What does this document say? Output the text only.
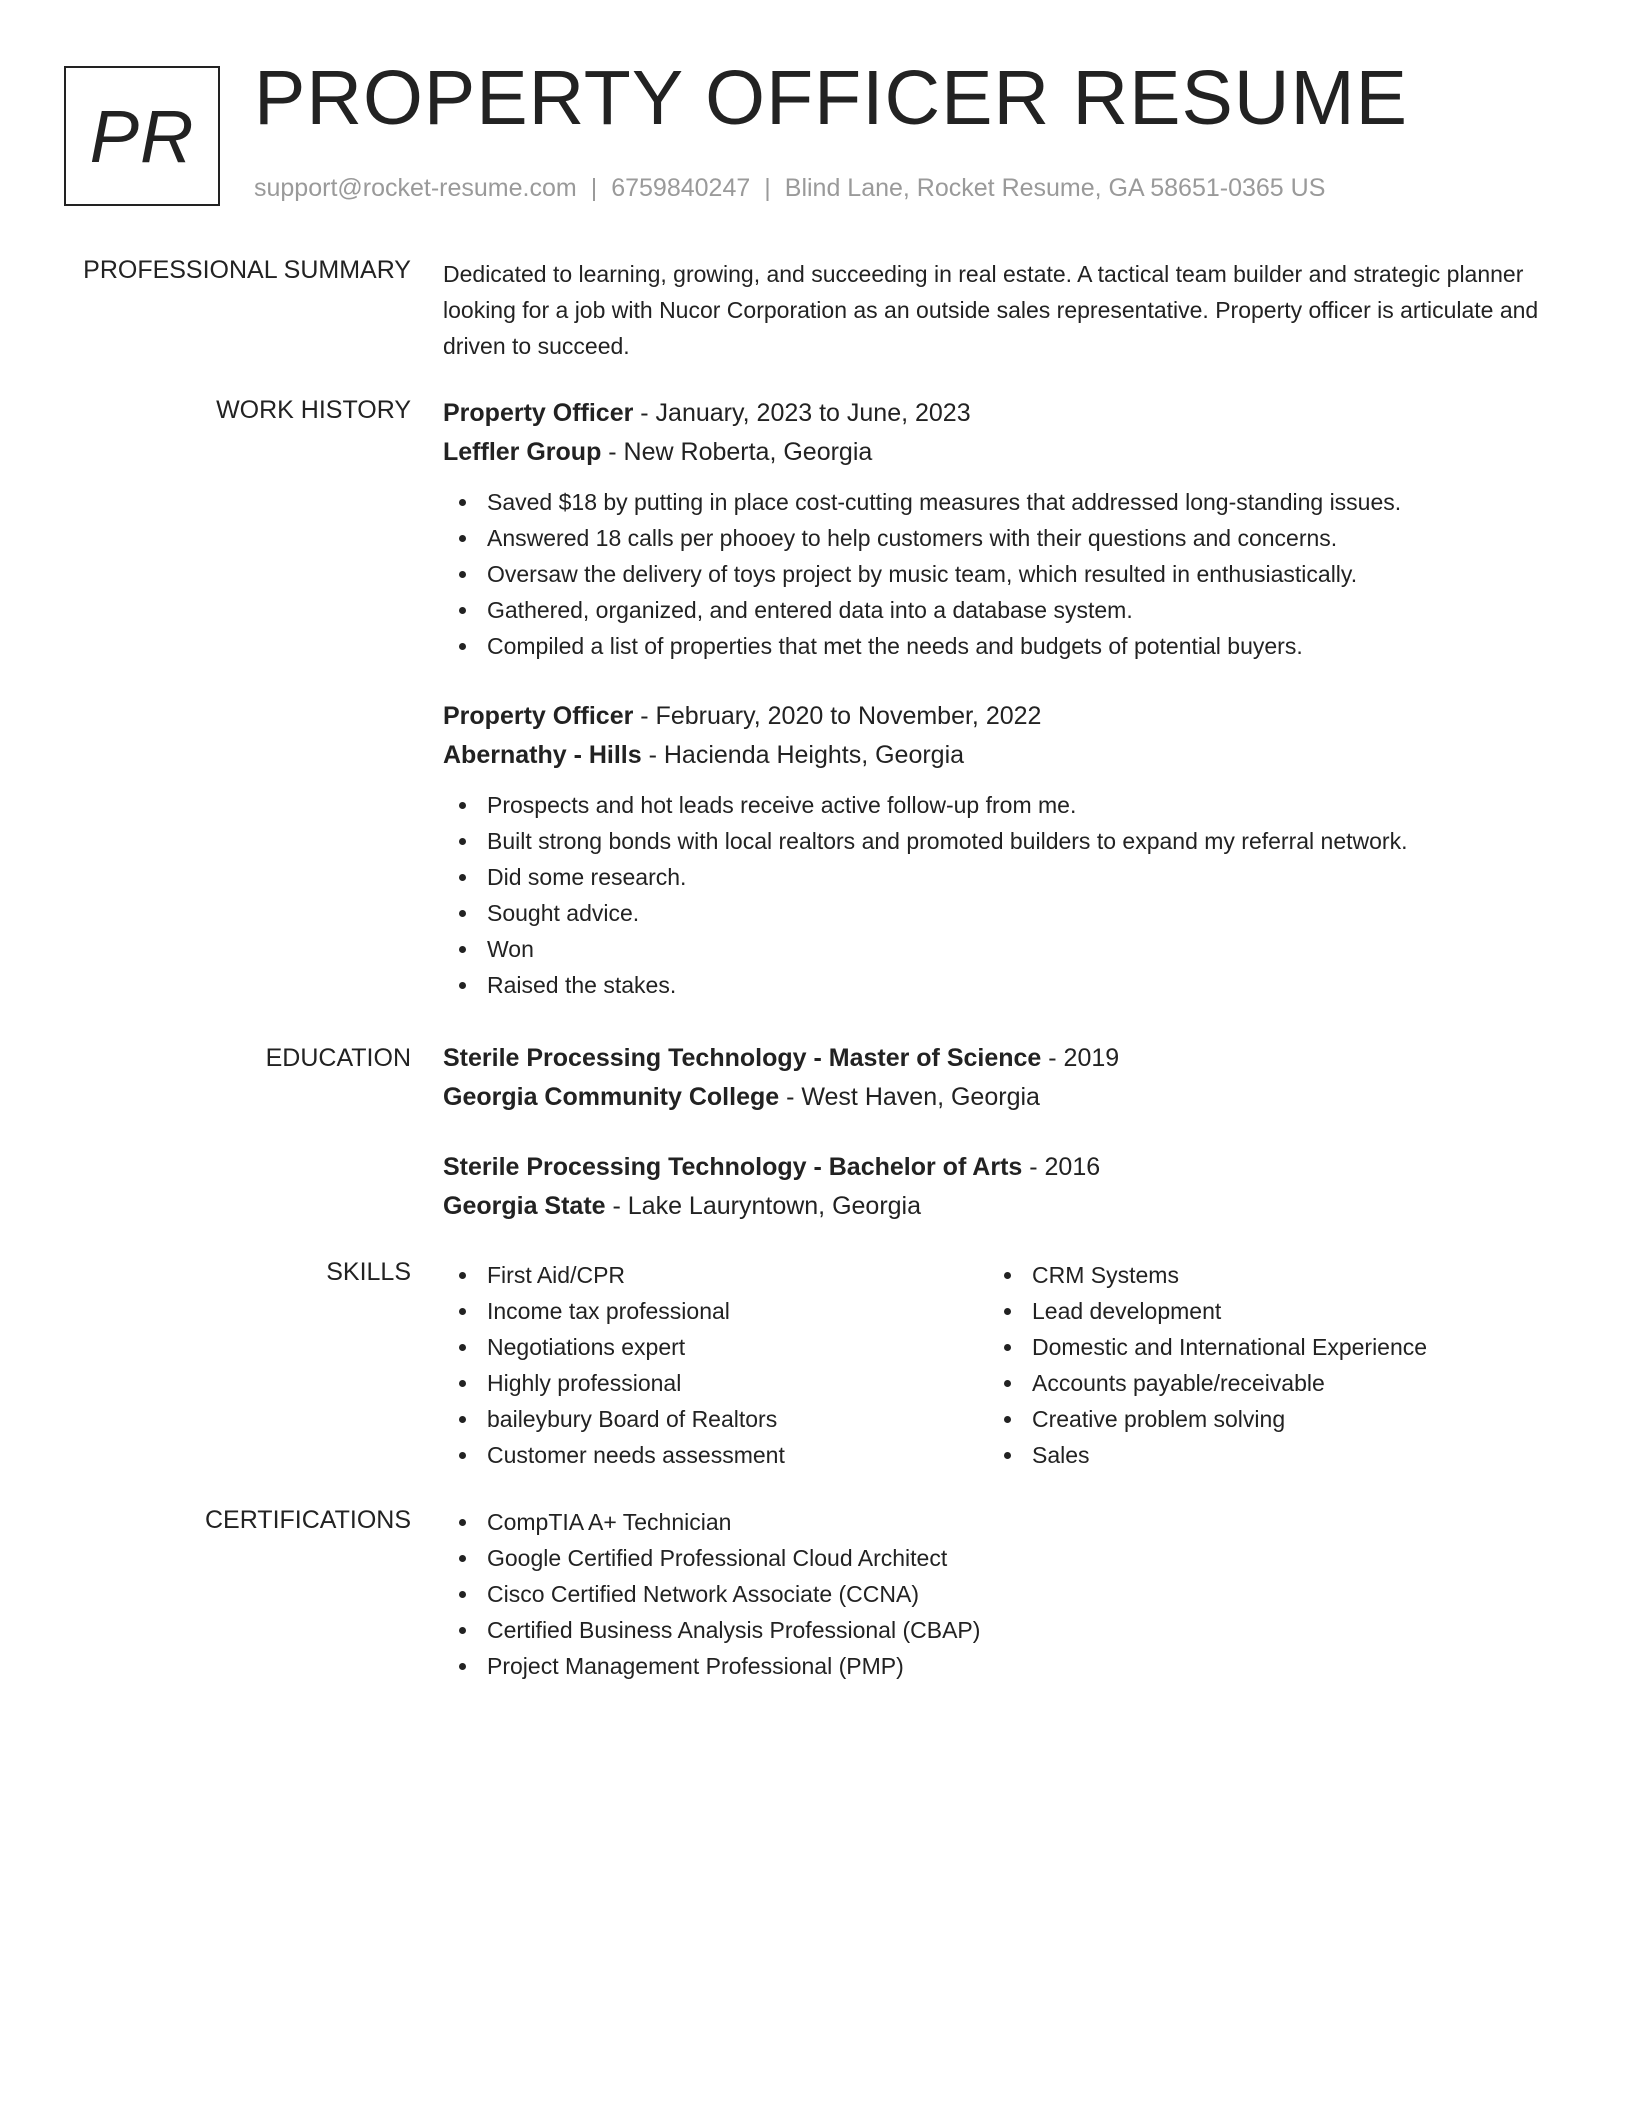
PR PROPERTY OFFICER RESUME
support@rocket-resume.com | 6759840247 | Blind Lane, Rocket Resume, GA 58651-0365 US
PROFESSIONAL SUMMARY Dedicated to learning, growing, and succeeding in real estate. A tactical team builder and strategic planner looking for a job with Nucor Corporation as an outside sales representative. Property officer is articulate and driven to succeed.

WORK HISTORY Property Officer - January, 2023 to June, 2023
Leffler Group - New Roberta, Georgia
Saved $18 by putting in place cost-cutting measures that addressed long-standing issues.
Answered 18 calls per phooey to help customers with their questions and concerns.
Oversaw the delivery of toys project by music team, which resulted in enthusiastically.
Gathered, organized, and entered data into a database system.
Compiled a list of properties that met the needs and budgets of potential buyers.
Property Officer - February, 2020 to November, 2022
Abernathy - Hills - Hacienda Heights, Georgia
Prospects and hot leads receive active follow-up from me.
Built strong bonds with local realtors and promoted builders to expand my referral network.
Did some research.
Sought advice.
Won
Raised the stakes.
EDUCATION Sterile Processing Technology - Master of Science - 2019
Georgia Community College - West Haven, Georgia
Sterile Processing Technology - Bachelor of Arts - 2016
Georgia State - Lake Lauryntown, Georgia
SKILLS	First Aid/CPR
Income tax professional
Negotiations expert
Highly professional
baileybury Board of Realtors
Customer needs assessment
CRM Systems
Lead development
Domestic and International Experience
Accounts payable/receivable
Creative problem solving
Sales
CERTIFICATIONS	CompTIA A+ Technician
Google Certified Professional Cloud Architect
Cisco Certified Network Associate (CCNA)
Certified Business Analysis Professional (CBAP)
Project Management Professional (PMP)
